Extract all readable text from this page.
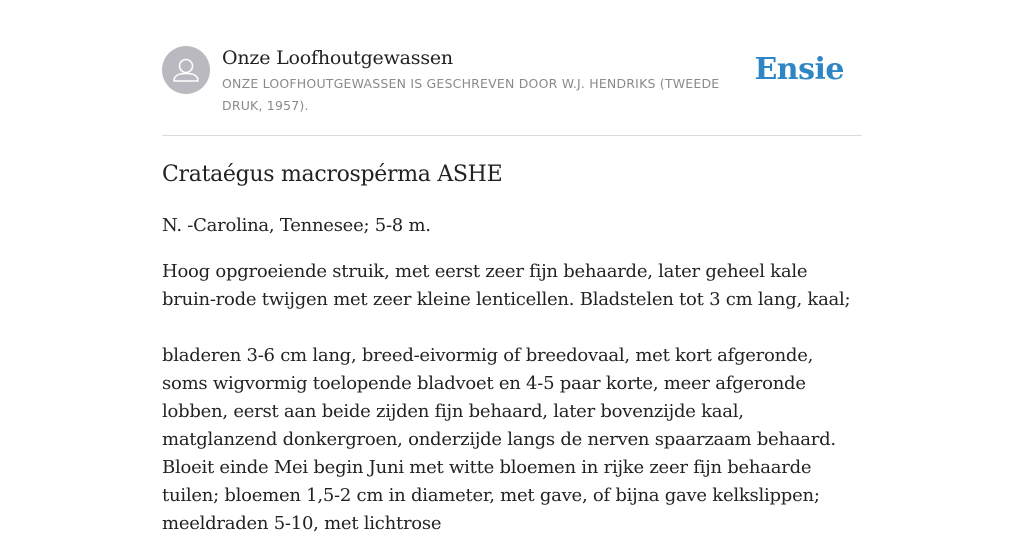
Onze Loofhoutgewassen
ONZE LOOFHOUTGEWASSEN IS GESCHREVEN DOOR W.J. HENDRIKS (TWEEDE DRUK, 1957).
Ensie
Crataégus macrospérma ASHE

N. -Carolina, Tennesee; 5-8 m.

Hoog opgroeiende struik, met eerst zeer fijn behaarde, later geheel kale bruin-rode twijgen met zeer kleine lenticellen. Bladstelen tot 3 cm lang, kaal;

bladeren 3-6 cm lang, breed-eivormig of breedovaal, met kort afgeronde, soms wigvormig toelopende bladvoet en 4-5 paar korte, meer afgeronde lobben, eerst aan beide zijden fijn behaard, later bovenzijde kaal, matglanzend donkergroen, onderzijde langs de nerven spaarzaam behaard. Bloeit einde Mei begin Juni met witte bloemen in rijke zeer fijn behaarde tuilen; bloemen 1,5-2 cm in diameter, met gave, of bijna gave kelkslippen; meeldraden 5-10, met lichtrose
